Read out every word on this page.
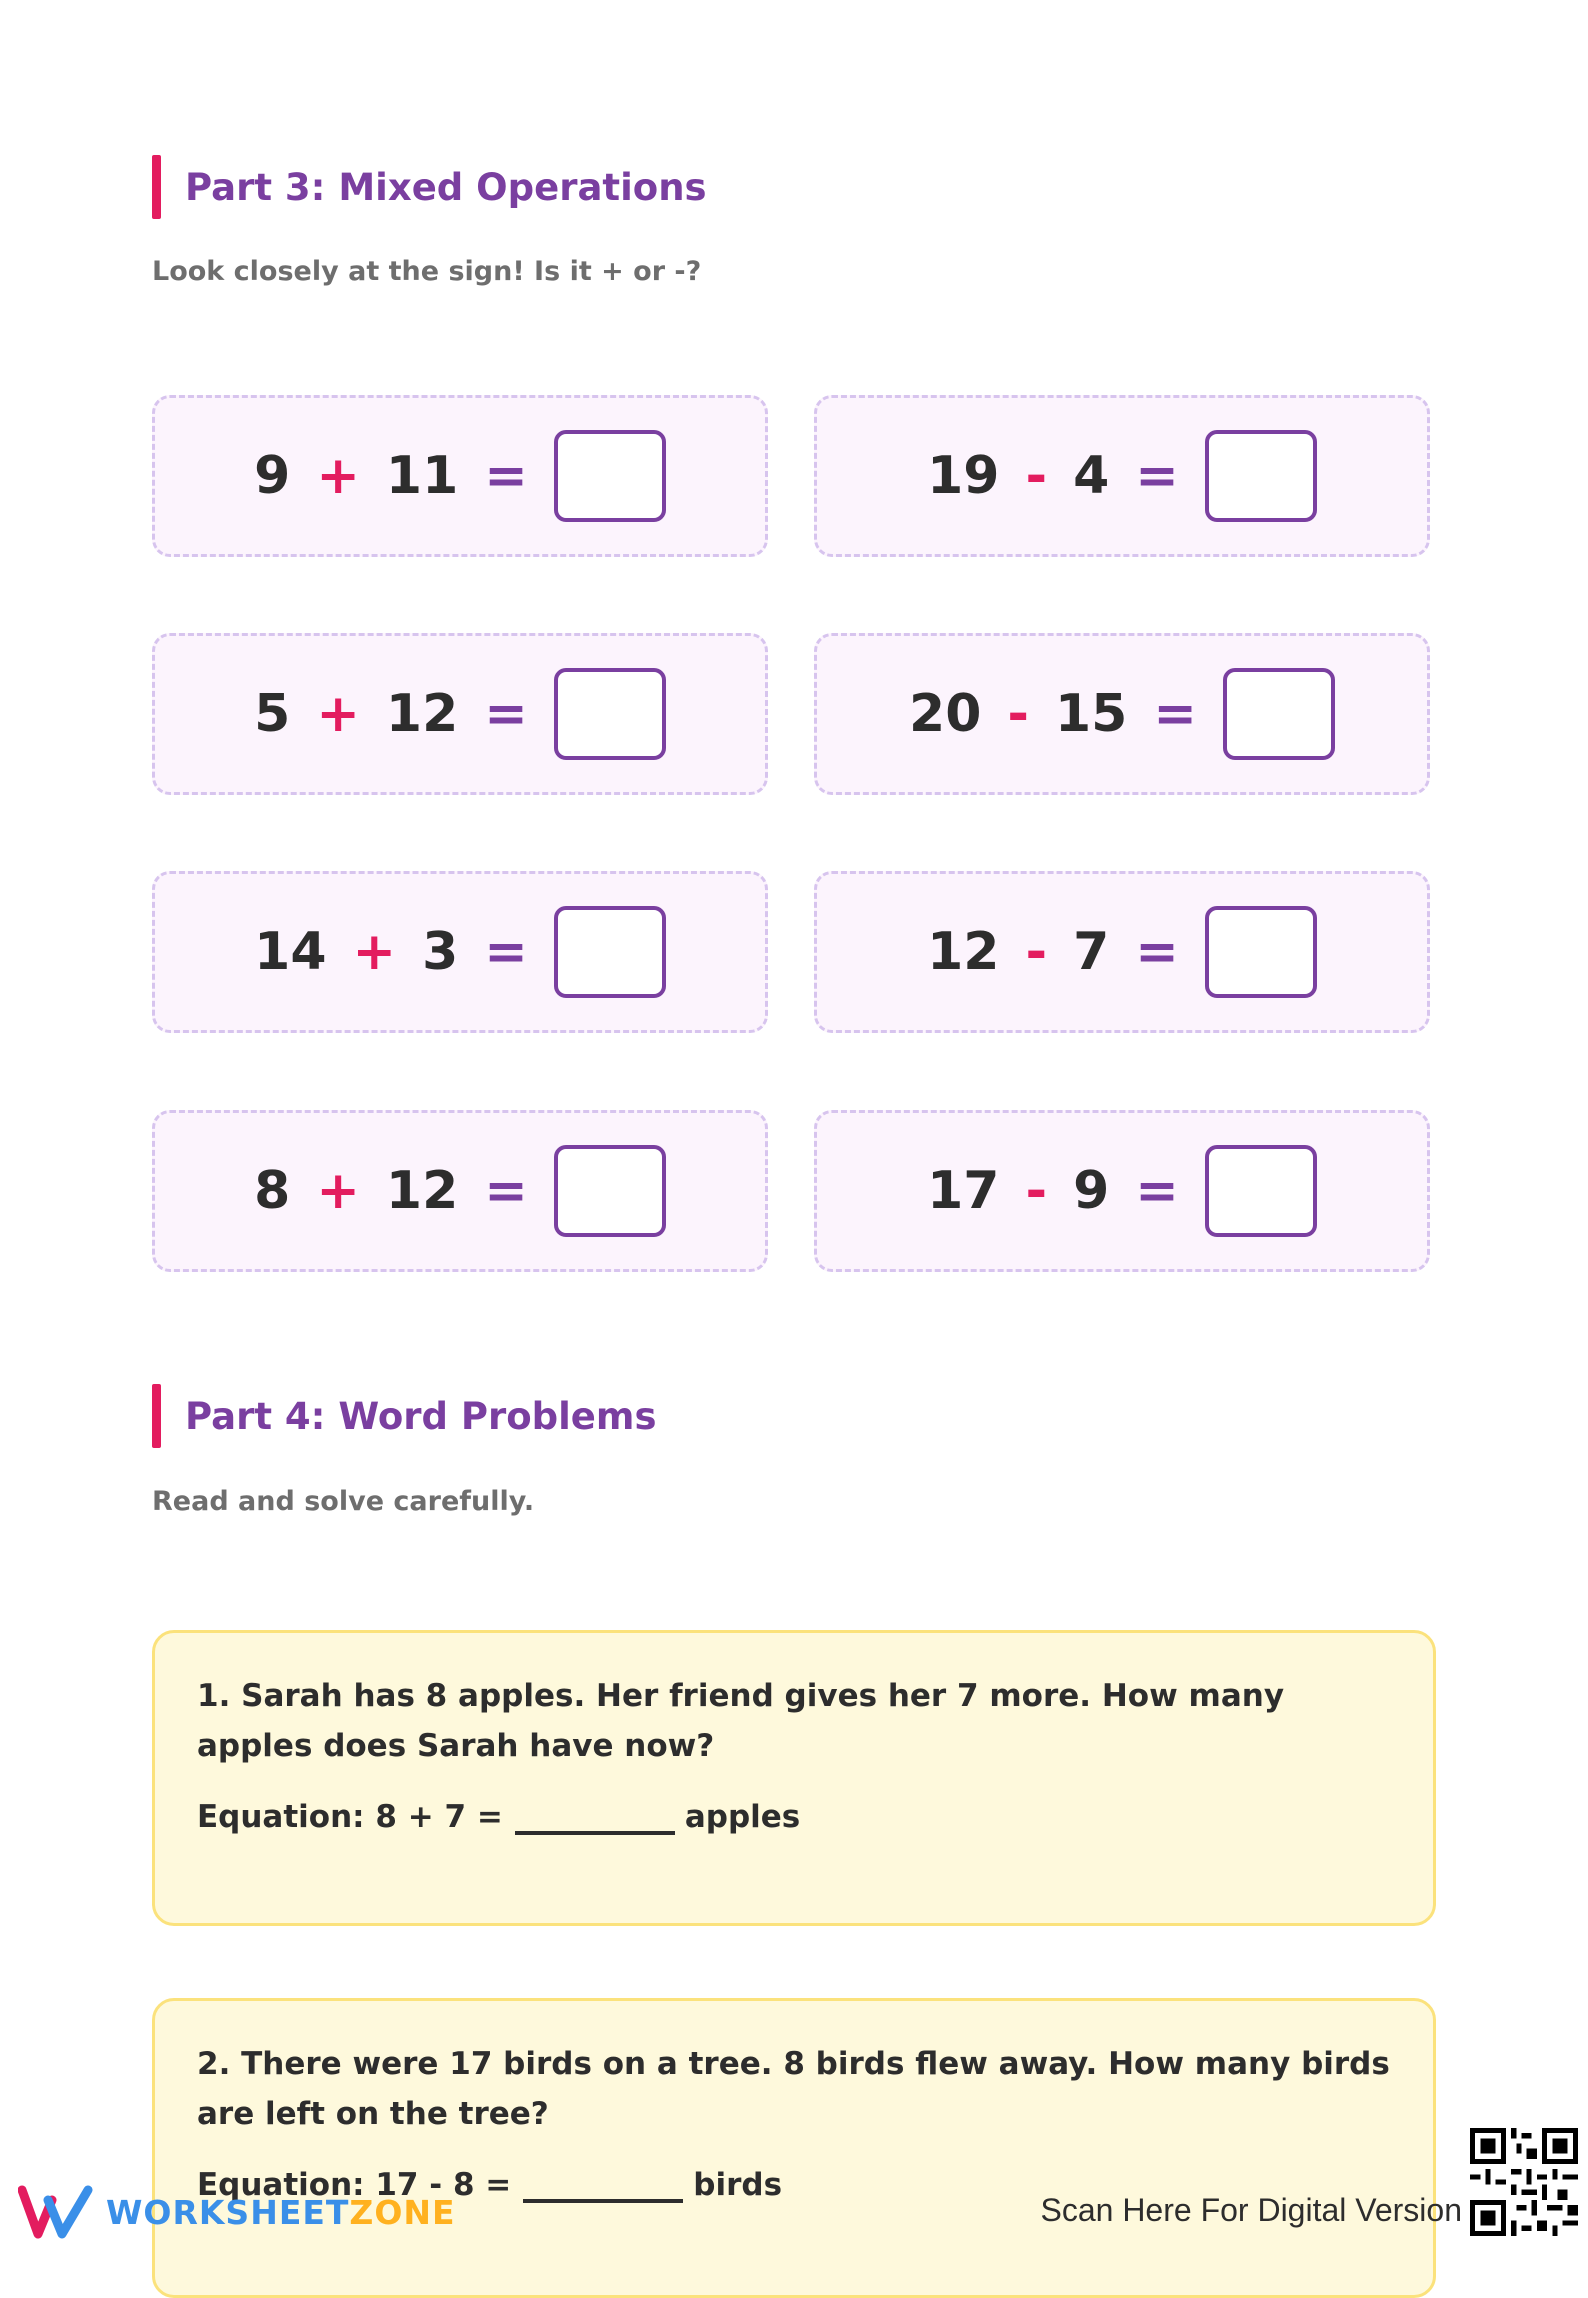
Part 3: Mixed Operations
Look closely at the sign! Is it + or -?
9 + 11 =	19 - 4 =
5 + 12 =	20 - 15 =
14 + 3 =	12 - 7 =
8 + 12 =	17 - 9 =
Part 4: Word Problems
Read and solve carefully.
1. Sarah has 8 apples. Her friend gives her 7 more. How many apples does Sarah have now?
Equation: 8 + 7 =	apples
2. There were 17 birds on a tree. 8 birds flew away. How many birds are left on the tree?
Equation: 17 - 8 =	birds
WORKSHEETZONE	Scan Here For Digital Version
